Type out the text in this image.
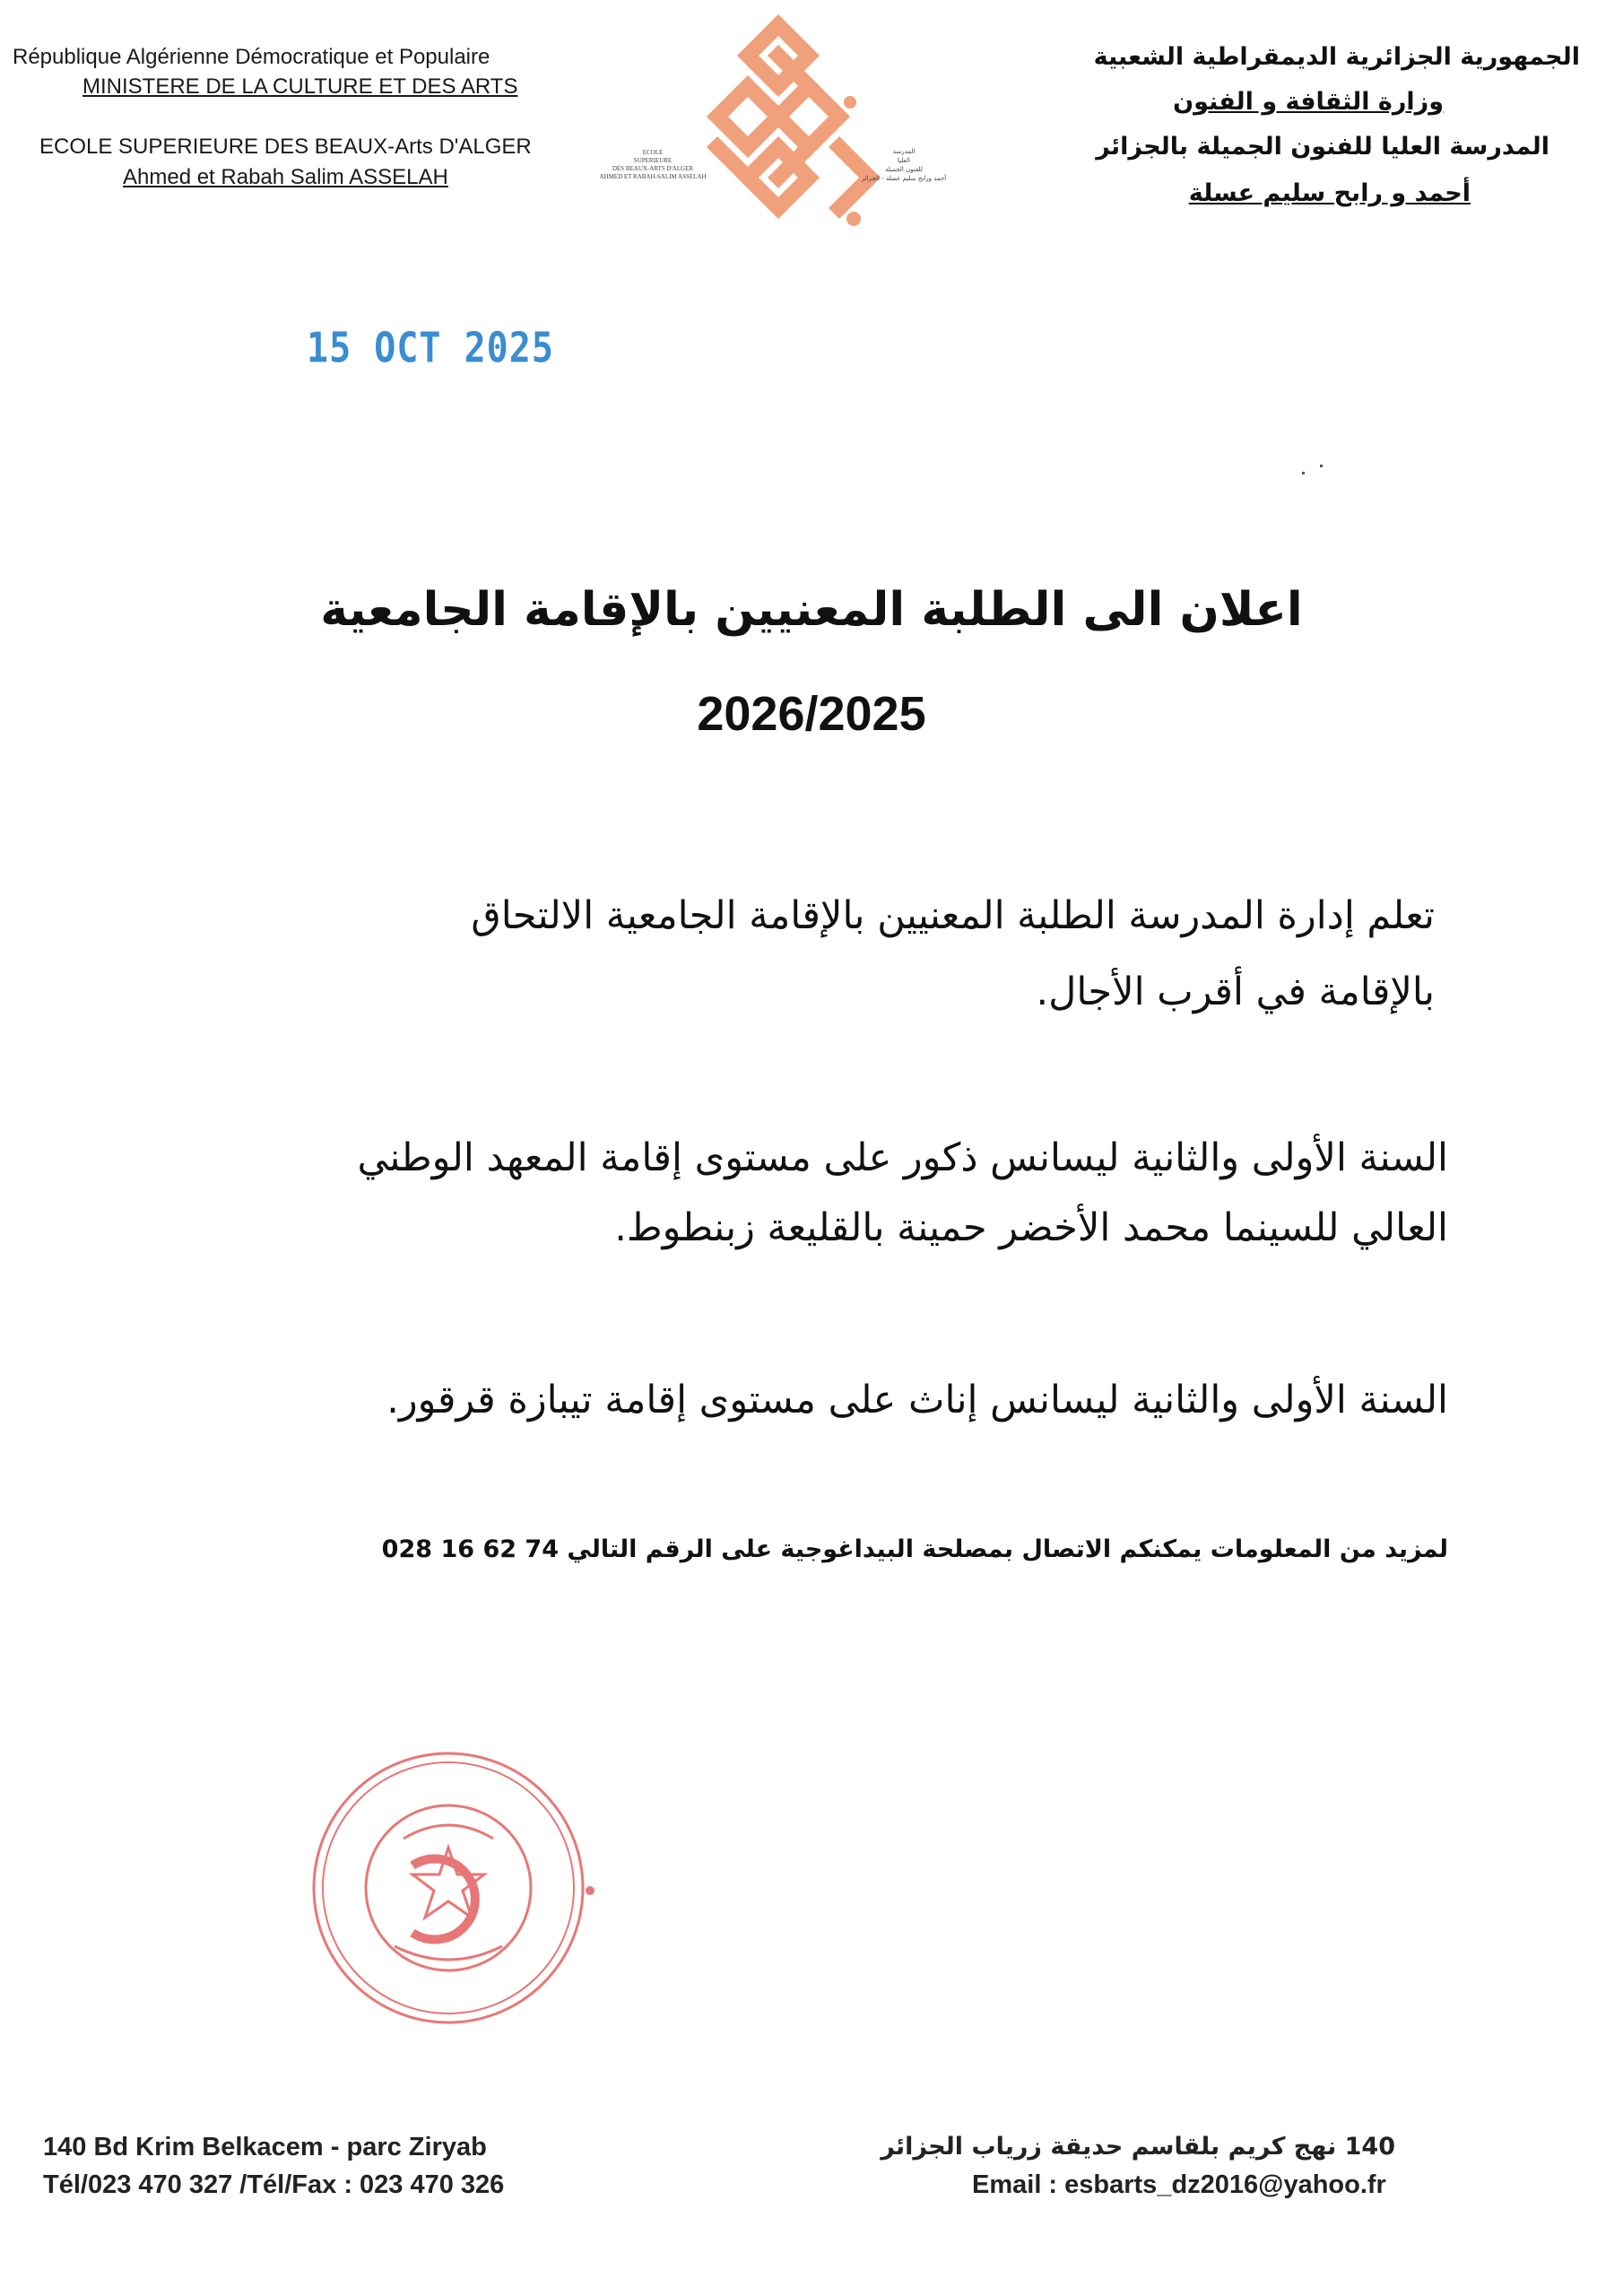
République Algérienne Démocratique et Populaire
MINISTERE DE LA CULTURE ET DES ARTS
ECOLE SUPERIEURE DES BEAUX-Arts D'ALGER
Ahmed et Rabah Salim ASSELAH
الجمهورية الجزائرية الديمقراطية الشعبية
وزارة الثقافة و الفنون
المدرسة العليا للفنون الجميلة بالجزائر
أحمد و رابح سليم عسلة
ECOLE
SUPERIEURE
DES BEAUX-ARTS D'ALGER
AHMED ET RABAH-SALIM ASSELAH
المدرسة
العليا
للفنون الجميلة
أحمد ورابح سليم عسلة - الجزائر
15 OCT 2025
اعلان الى الطلبة المعنيين بالإقامة الجامعية
2026/2025
تعلم إدارة المدرسة الطلبة المعنيين بالإقامة الجامعية الالتحاق
بالإقامة في أقرب الأجال.
السنة الأولى والثانية ليسانس ذكور على مستوى إقامة المعهد الوطني
العالي للسينما محمد الأخضر حمينة بالقليعة زبنطوط.
السنة الأولى والثانية ليسانس إناث على مستوى إقامة تيبازة قرقور.
لمزيد من المعلومات يمكنكم الاتصال بمصلحة البيداغوجية على الرقم التالي 74 62 16 028
140 Bd Krim Belkacem - parc Ziryab
Tél/023 470 327 /Tél/Fax : 023 470 326
140 نهج كريم بلقاسم حديقة زرياب الجزائر
Email : esbarts_dz2016@yahoo.fr
